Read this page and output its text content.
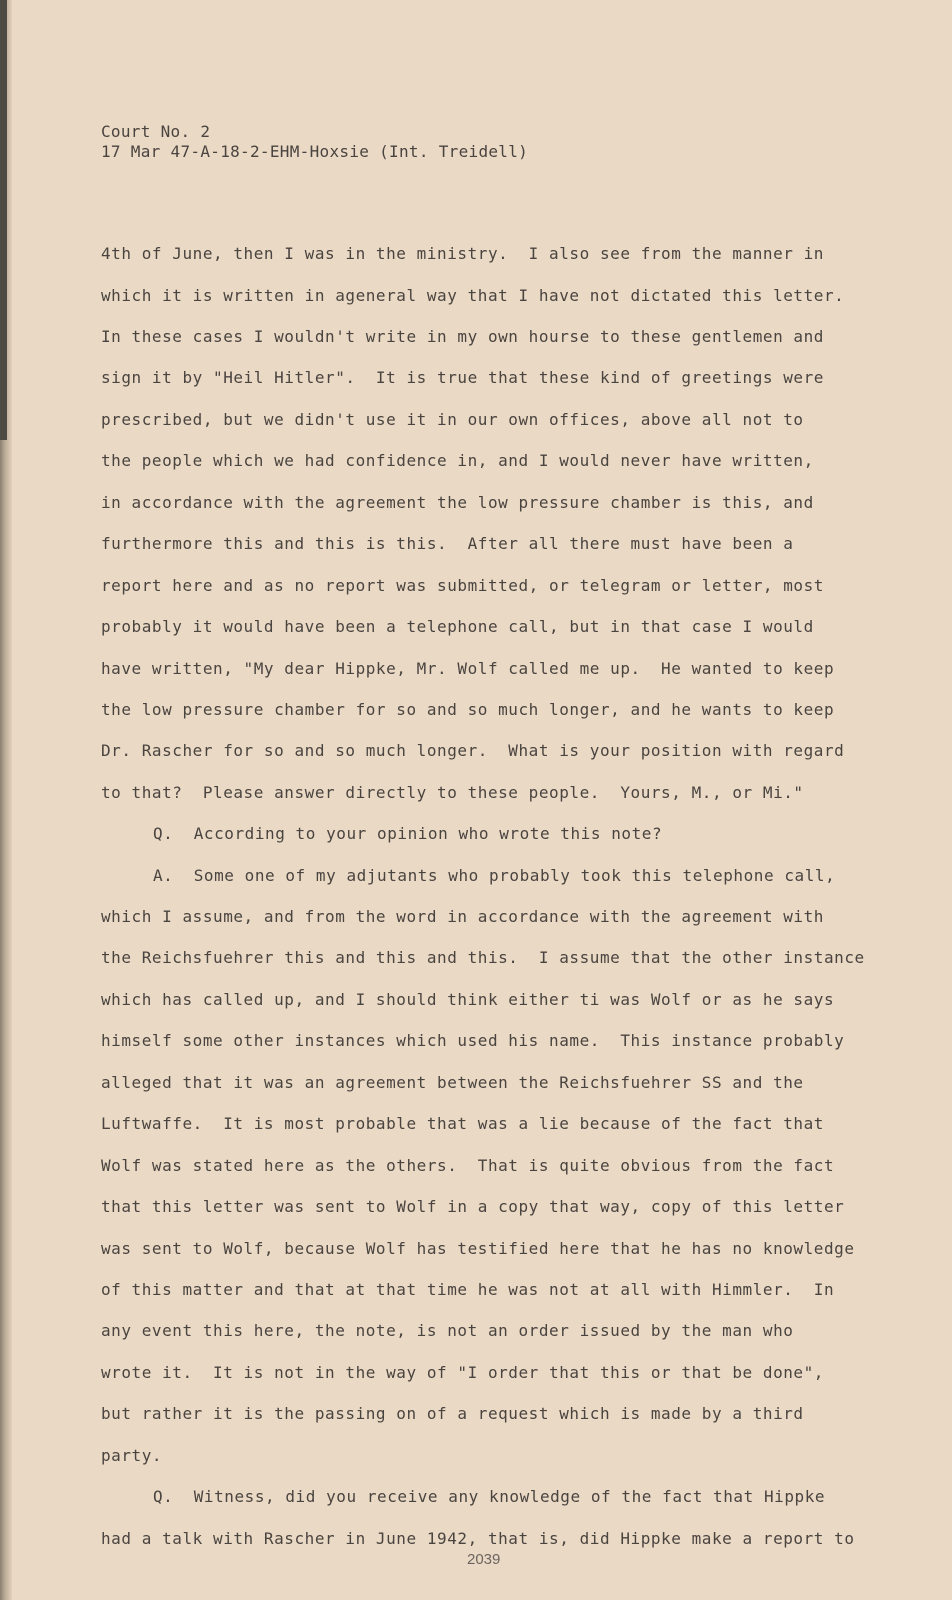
Court No. 2
17 Mar 47-A-18-2-EHM-Hoxsie (Int. Treidell)
4th of June, then I was in the ministry.  I also see from the manner in
which it is written in ageneral way that I have not dictated this letter.
In these cases I wouldn't write in my own hourse to these gentlemen and
sign it by "Heil Hitler".  It is true that these kind of greetings were
prescribed, but we didn't use it in our own offices, above all not to
the people which we had confidence in, and I would never have written,
in accordance with the agreement the low pressure chamber is this, and
furthermore this and this is this.  After all there must have been a
report here and as no report was submitted, or telegram or letter, most
probably it would have been a telephone call, but in that case I would
have written, "My dear Hippke, Mr. Wolf called me up.  He wanted to keep
the low pressure chamber for so and so much longer, and he wants to keep
Dr. Rascher for so and so much longer.  What is your position with regard
to that?  Please answer directly to these people.  Yours, M., or Mi."
Q.  According to your opinion who wrote this note?
A.  Some one of my adjutants who probably took this telephone call,
which I assume, and from the word in accordance with the agreement with
the Reichsfuehrer this and this and this.  I assume that the other instance
which has called up, and I should think either ti was Wolf or as he says
himself some other instances which used his name.  This instance probably
alleged that it was an agreement between the Reichsfuehrer SS and the
Luftwaffe.  It is most probable that was a lie because of the fact that
Wolf was stated here as the others.  That is quite obvious from the fact
that this letter was sent to Wolf in a copy that way, copy of this letter
was sent to Wolf, because Wolf has testified here that he has no knowledge
of this matter and that at that time he was not at all with Himmler.  In
any event this here, the note, is not an order issued by the man who
wrote it.  It is not in the way of "I order that this or that be done",
but rather it is the passing on of a request which is made by a third
party.
Q.  Witness, did you receive any knowledge of the fact that Hippke
had a talk with Rascher in June 1942, that is, did Hippke make a report to
2039
